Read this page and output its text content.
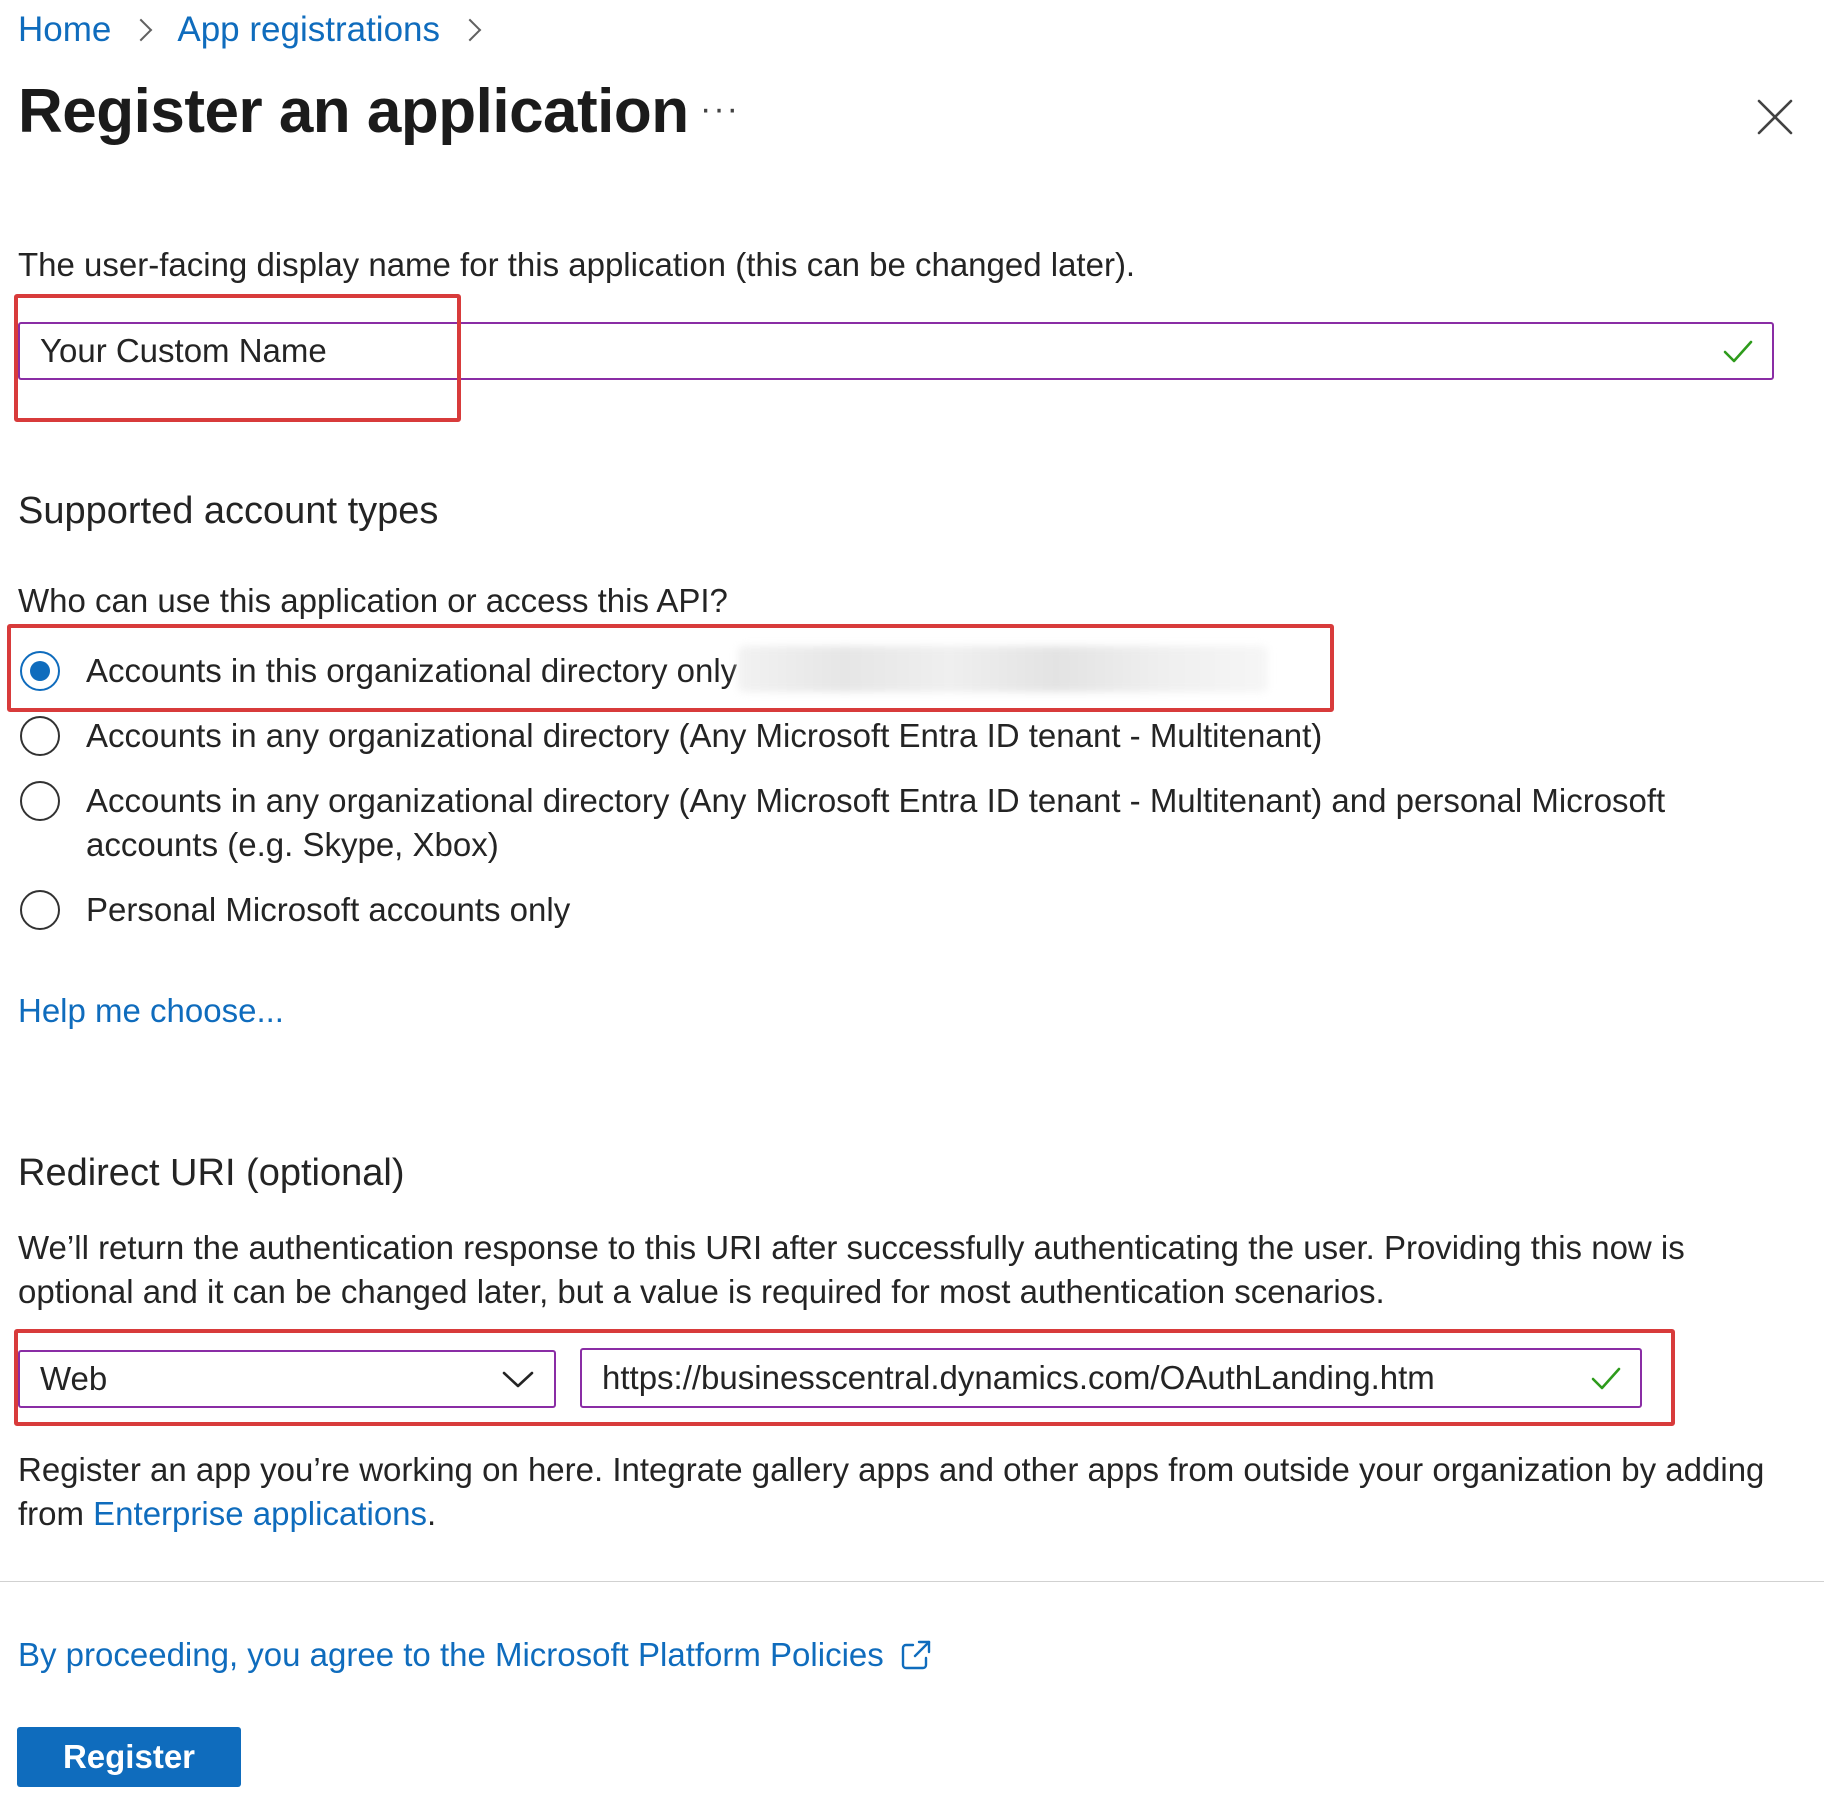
Home App registrations
Register an application ···
The user-facing display name for this application (this can be changed later).
Your Custom Name
Supported account types
Who can use this application or access this API?
Accounts in this organizational directory only
Accounts in any organizational directory (Any Microsoft Entra ID tenant - Multitenant)
Accounts in any organizational directory (Any Microsoft Entra ID tenant - Multitenant) and personal Microsoft accounts (e.g. Skype, Xbox)
Personal Microsoft accounts only
Help me choose...
Redirect URI (optional)
We’ll return the authentication response to this URI after successfully authenticating the user. Providing this now is optional and it can be changed later, but a value is required for most authentication scenarios.
Web
https://businesscentral.dynamics.com/OAuthLanding.htm
Register an app you’re working on here. Integrate gallery apps and other apps from outside your organization by adding from Enterprise applications.
By proceeding, you agree to the Microsoft Platform Policies
Register
